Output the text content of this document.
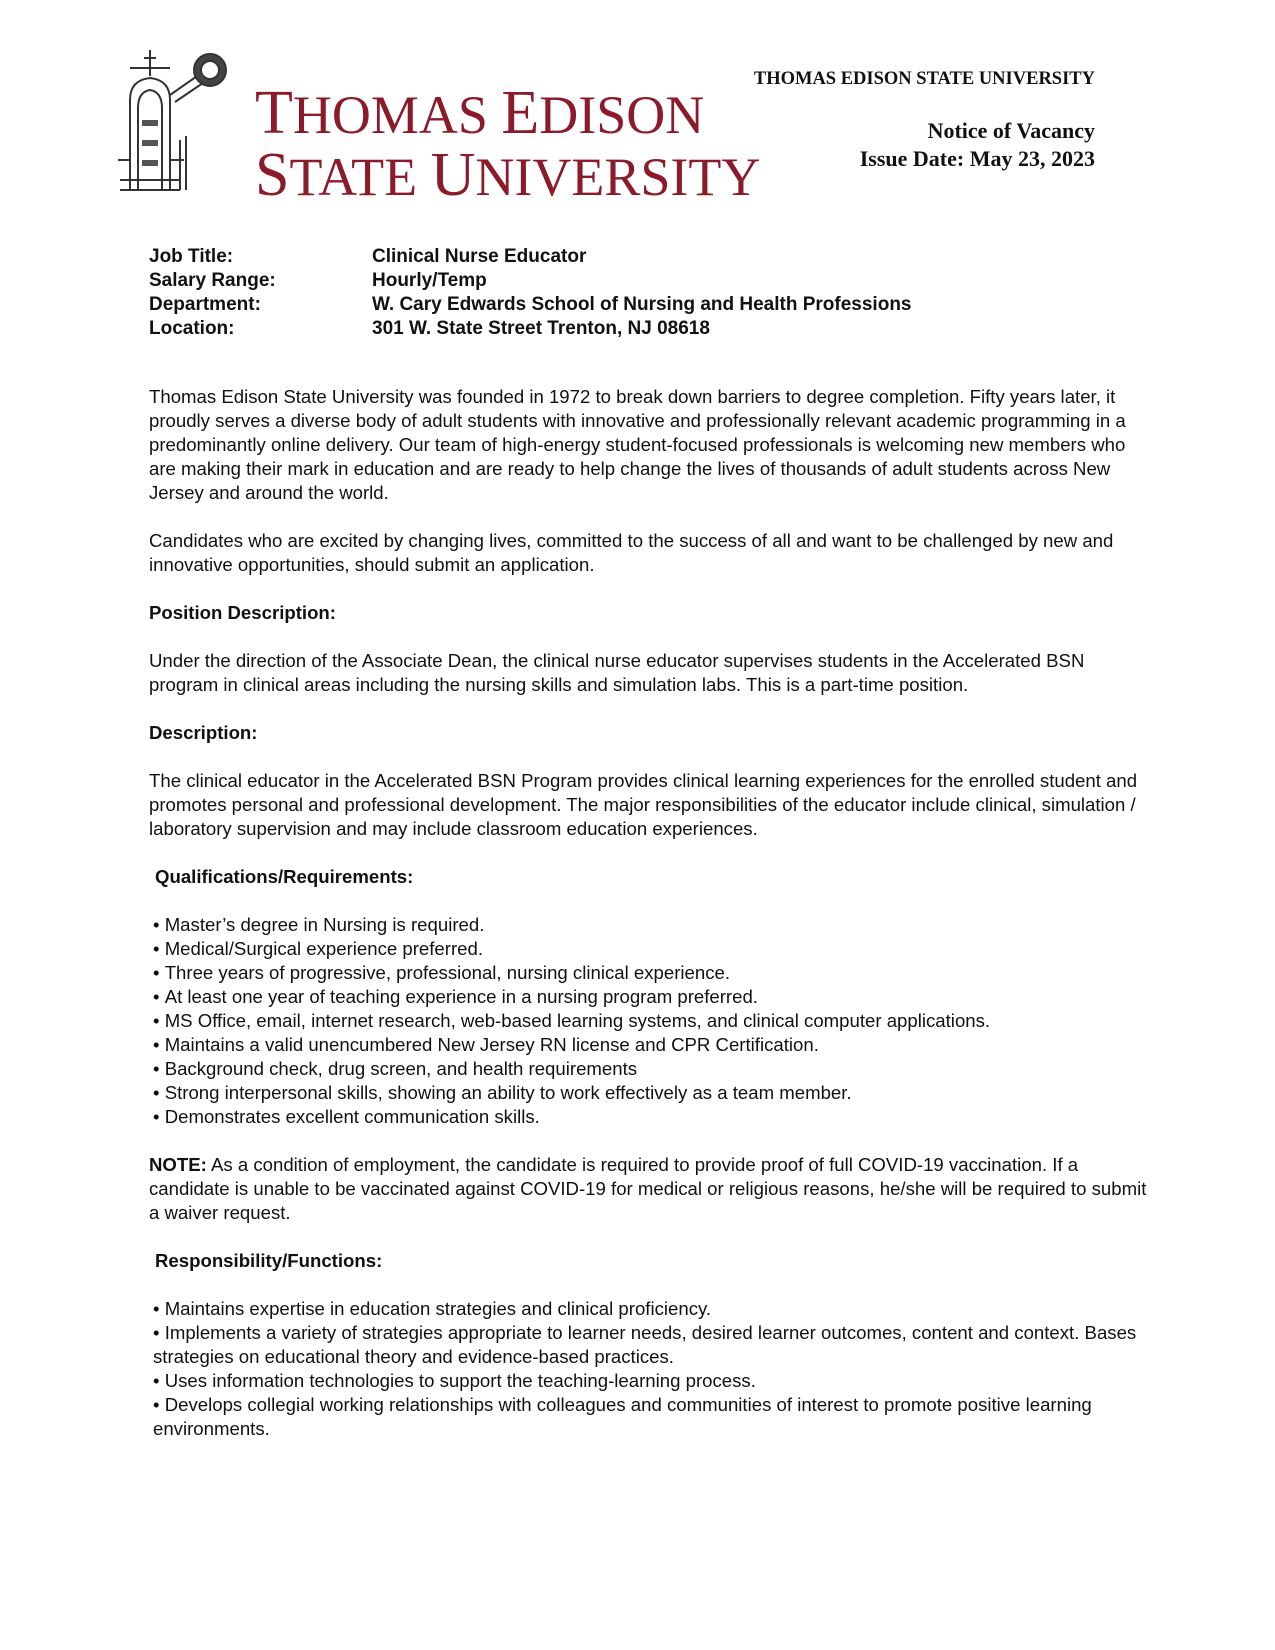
THOMAS EDISON
STATE UNIVERSITY
THOMAS EDISON STATE UNIVERSITY
Notice of Vacancy
Issue Date: May 23, 2023
Job Title:	Clinical Nurse Educator
Salary Range:	Hourly/Temp
Department:	W. Cary Edwards School of Nursing and Health Professions
Location:	301 W. State Street Trenton, NJ 08618

Thomas Edison State University was founded in 1972 to break down barriers to degree completion. Fifty years later, it proudly serves a diverse body of adult students with innovative and professionally relevant academic programming in a predominantly online delivery. Our team of high-energy student-focused professionals is welcoming new members who are making their mark in education and are ready to help change the lives of thousands of adult students across New Jersey and around the world.

Candidates who are excited by changing lives, committed to the success of all and want to be challenged by new and innovative opportunities, should submit an application.

Position Description:

Under the direction of the Associate Dean, the clinical nurse educator supervises students in the Accelerated BSN program in clinical areas including the nursing skills and simulation labs. This is a part-time position.

Description:

The clinical educator in the Accelerated BSN Program provides clinical learning experiences for the enrolled student and promotes personal and professional development. The major responsibilities of the educator include clinical, simulation / laboratory supervision and may include classroom education experiences.

Qualifications/Requirements:
• Master’s degree in Nursing is required.
• Medical/Surgical experience preferred.
• Three years of progressive, professional, nursing clinical experience.
• At least one year of teaching experience in a nursing program preferred.
• MS Office, email, internet research, web-based learning systems, and clinical computer applications.
• Maintains a valid unencumbered New Jersey RN license and CPR Certification.
• Background check, drug screen, and health requirements
• Strong interpersonal skills, showing an ability to work effectively as a team member.
• Demonstrates excellent communication skills.

NOTE: As a condition of employment, the candidate is required to provide proof of full COVID-19 vaccination. If a candidate is unable to be vaccinated against COVID-19 for medical or religious reasons, he/she will be required to submit a waiver request.

Responsibility/Functions:
• Maintains expertise in education strategies and clinical proficiency.
• Implements a variety of strategies appropriate to learner needs, desired learner outcomes, content and context. Bases strategies on educational theory and evidence-based practices.
• Uses information technologies to support the teaching-learning process.
• Develops collegial working relationships with colleagues and communities of interest to promote positive learning environments.
